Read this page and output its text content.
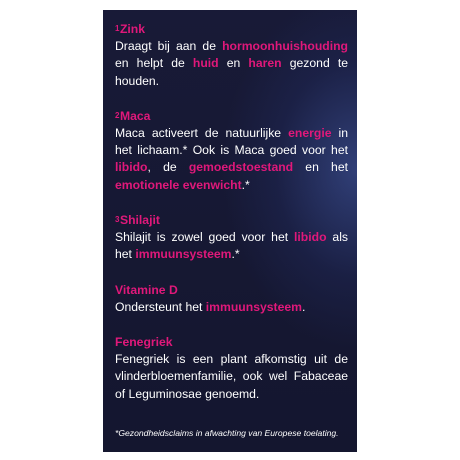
$^1$Zink
Draagt bij aan de hormoonhuishouding en helpt de huid en haren gezond te houden.
$^2$Maca
Maca activeert de natuurlijke energie in het lichaam.* Ook is Maca goed voor het libido, de gemoedstoestand en het emotionele evenwicht.*
$^3$Shilajit
Shilajit is zowel goed voor het libido als het immuunsysteem.*
Vitamine D
Ondersteunt het immuunsysteem.
Fenegriek
Fenegriek is een plant afkomstig uit de vlinderbloemenfamilie, ook wel Fabaceae of Leguminosae genoemd.
*Gezondheidsclaims in afwachting van Europese toelating.
